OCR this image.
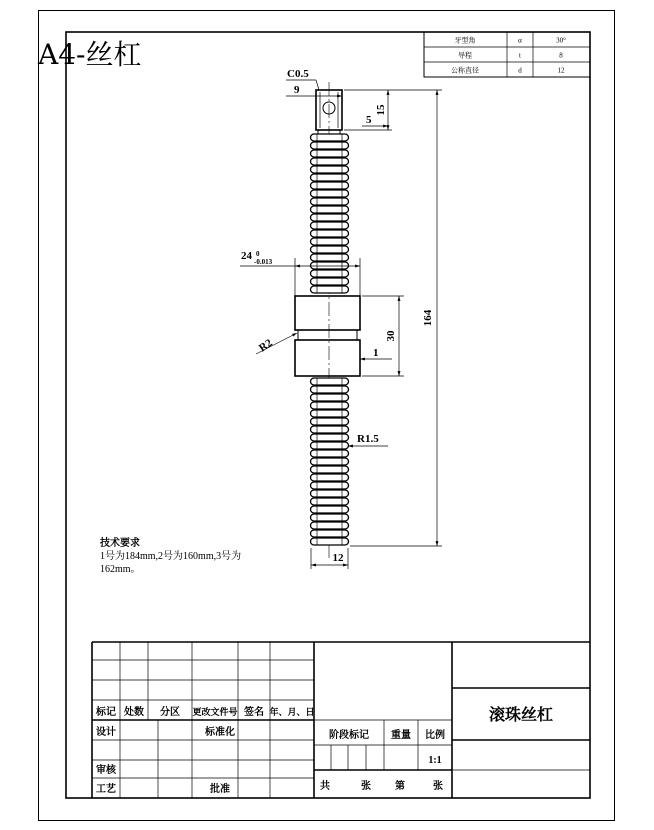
A4-丝杠	牙型角	α	30°
导程	t	8
公称直径	d	12
C0.5
9
15
5
164
24 0
-0.013
30
1
R2
R1.5
12
技术要求
1号为184mm,2号为160mm,3号为
162mm。
标记 处数 分区 更改文件号 签名 年、月、日
设计	标准化
审核
工艺	批准
阶段标记 重量 比例
1:1
共	张 第	张
滚珠丝杠
